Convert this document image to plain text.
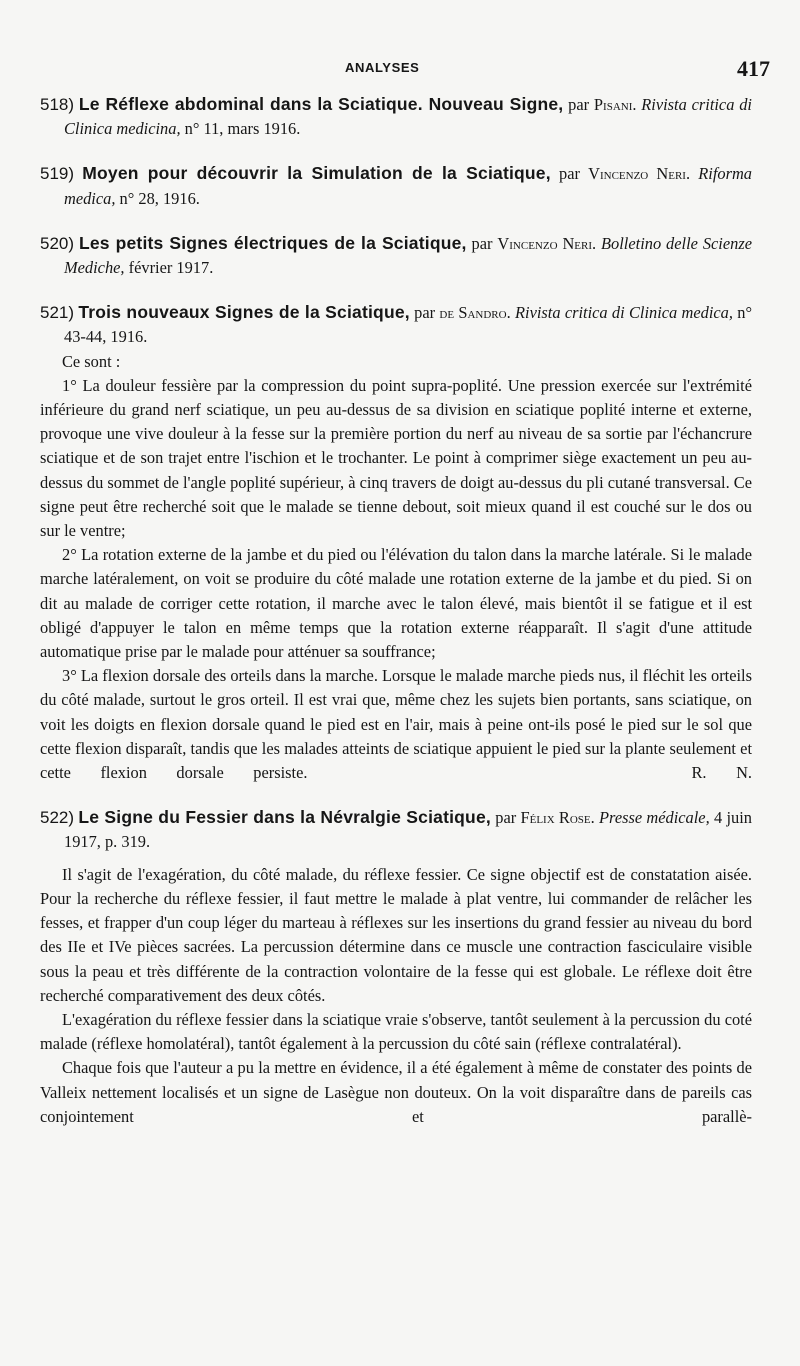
ANALYSES	417

518) Le Réflexe abdominal dans la Sciatique. Nouveau Signe, par Pisani. Rivista critica di Clinica medicina, n° 11, mars 1916.

519) Moyen pour découvrir la Simulation de la Sciatique, par Vincenzo Neri. Riforma medica, n° 28, 1916.

520) Les petits Signes électriques de la Sciatique, par Vincenzo Neri. Bolletino delle Scienze Mediche, février 1917.

521) Trois nouveaux Signes de la Sciatique, par de Sandro. Rivista critica di Clinica medica, n° 43-44, 1916.

Ce sont :

1° La douleur fessière par la compression du point supra-poplité. Une pression exercée sur l'extrémité inférieure du grand nerf sciatique, un peu au-dessus de sa division en sciatique poplité interne et externe, provoque une vive douleur à la fesse sur la première portion du nerf au niveau de sa sortie par l'échancrure sciatique et de son trajet entre l'ischion et le trochanter. Le point à comprimer siège exactement un peu au-dessus du sommet de l'angle poplité supérieur, à cinq travers de doigt au-dessus du pli cutané transversal. Ce signe peut être recherché soit que le malade se tienne debout, soit mieux quand il est couché sur le dos ou sur le ventre;

2° La rotation externe de la jambe et du pied ou l'élévation du talon dans la marche latérale. Si le malade marche latéralement, on voit se produire du côté malade une rotation externe de la jambe et du pied. Si on dit au malade de corriger cette rotation, il marche avec le talon élevé, mais bientôt il se fatigue et il est obligé d'appuyer le talon en même temps que la rotation externe réapparaît. Il s'agit d'une attitude automatique prise par le malade pour atténuer sa souffrance;

3° La flexion dorsale des orteils dans la marche. Lorsque le malade marche pieds nus, il fléchit les orteils du côté malade, surtout le gros orteil. Il est vrai que, même chez les sujets bien portants, sans sciatique, on voit les doigts en flexion dorsale quand le pied est en l'air, mais à peine ont-ils posé le pied sur le sol que cette flexion disparaît, tandis que les malades atteints de sciatique appuient le pied sur la plante seulement et cette flexion dorsale persiste.	R. N.

522) Le Signe du Fessier dans la Névralgie Sciatique, par Félix Rose. Presse médicale, 4 juin 1917, p. 319.

Il s'agit de l'exagération, du côté malade, du réflexe fessier. Ce signe objectif est de constatation aisée. Pour la recherche du réflexe fessier, il faut mettre le malade à plat ventre, lui commander de relâcher les fesses, et frapper d'un coup léger du marteau à réflexes sur les insertions du grand fessier au niveau du bord des IIe et IVe pièces sacrées. La percussion détermine dans ce muscle une contraction fasciculaire visible sous la peau et très différente de la contraction volontaire de la fesse qui est globale. Le réflexe doit être recherché comparativement des deux côtés.

L'exagération du réflexe fessier dans la sciatique vraie s'observe, tantôt seulement à la percussion du coté malade (réflexe homolatéral), tantôt également à la percussion du côté sain (réflexe contralatéral).

Chaque fois que l'auteur a pu la mettre en évidence, il a été également à même de constater des points de Valleix nettement localisés et un signe de Lasègue non douteux. On la voit disparaître dans de pareils cas conjointement et parallè-
